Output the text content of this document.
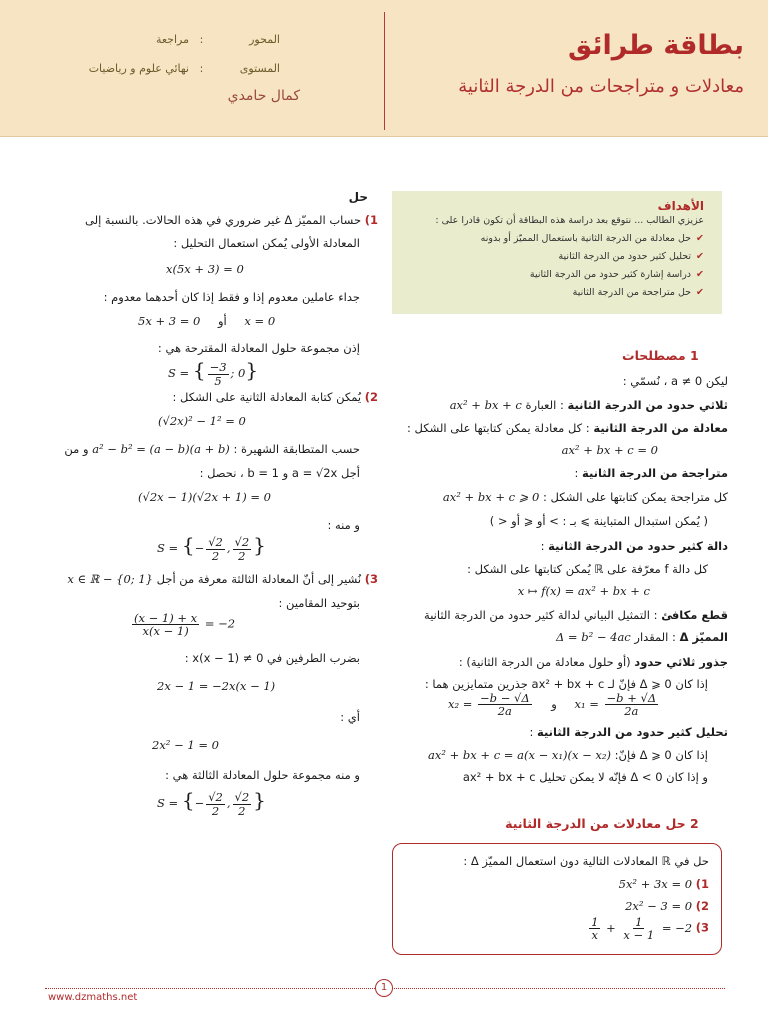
بطاقة طرائق
معادلات و متراجحات من الدرجة الثانية
المحور : مراجعة
المستوى : نهائي علوم و رياضيات
كمال حامدي
الأهداف
عزيزي الطالب ... نتوقع بعد دراسة هذه البطاقة أن تكون قادرا على :
✔حل معادلة من الدرجة الثانية باستعمال المميّز أو بدونه
✔تحليل كثير حدود من الدرجة الثانية
✔دراسة إشارة كثير حدود من الدرجة الثانية
✔حل متراجحة من الدرجة الثانية
1 مصطلحات
ليكن a ≠ 0 ، نُسمّي :
ثلاثي حدود من الدرجة الثانية : العبارة ax² + bx + c
معادلة من الدرجة الثانية : كل معادلة يمكن كتابتها على الشكل :
ax² + bx + c = 0
متراجحة من الدرجة الثانية :
كل متراجحة يمكن كتابتها على الشكل : ax² + bx + c ⩾ 0
( يُمكن استبدال المتباينة ⩾ بـ : > أو ⩽ أو < )
دالة كثير حدود من الدرجة الثانية :
كل دالة f معرّفة على ℝ يُمكن كتابتها على الشكل :
x ↦ f(x) = ax² + bx + c
قطع مكافئ : التمثيل البياني لدالة كثير حدود من الدرجة الثانية
المميّز Δ : المقدار Δ = b² − 4ac
جذور ثلاثي حدود (أو حلول معادلة من الدرجة الثانية) :
إذا كان Δ ⩾ 0 فإنّ لـ ax² + bx + c جذرين متمايزين هما :
$x_2 = \frac{-b - √\Delta}{2a}$ و $x_1 = \frac{-b + √\Delta}{2a}$
تحليل كثير حدود من الدرجة الثانية :
إذا كان Δ ⩾ 0 فإنّ: ax² + bx + c = a(x − x₁)(x − x₂)
و إذا كان Δ < 0 فإنّه لا يمكن تحليل ax² + bx + c
2 حل معادلات من الدرجة الثانية
حل في ℝ المعادلات التالية دون استعمال المميّز Δ :
1) 5x² + 3x = 0
2) 2x² − 3 = 0
3)
$\frac{1}{x} + \frac{1}{x - 1} = -2$
حل
1) حساب المميّز Δ غير ضروري في هذه الحالات. بالنسبة إلى
المعادلة الأولى يُمكن استعمال التحليل :
x(5x + 3) = 0
جداء عاملين معدوم إذا و فقط إذا كان أحدهما معدوم :
5x + 3 = 0 أو x = 0
إذن مجموعة حلول المعادلة المقترحة هي :
S = { $\frac{-3}{5}$ ; 0}
2) يُمكن كتابة المعادلة الثانية على الشكل :
(√2x)² − 1² = 0
حسب المتطابقة الشهيرة : a² − b² = (a − b)(a + b) و من
أجل a = √2x و b = 1 ، نحصل :
(√2x − 1)(√2x + 1) = 0
و منه :
S = {− $\frac{√2}{2}$ , $\frac{√2}{2}$ }
3) نُشير إلى أنّ المعادلة الثالثة معرفة من أجل x ∈ ℝ − {0; 1}
بتوحيد المقامين :
$\frac{(x - 1) + x}{x(x - 1)} = -2$
بضرب الطرفين في x(x − 1) ≠ 0 :
2x − 1 = −2x(x − 1)
أي :
2x² − 1 = 0
و منه مجموعة حلول المعادلة الثالثة هي :
S = {− $\frac{√2}{2}$ , $\frac{√2}{2}$ }
1
www.dzmaths.net
